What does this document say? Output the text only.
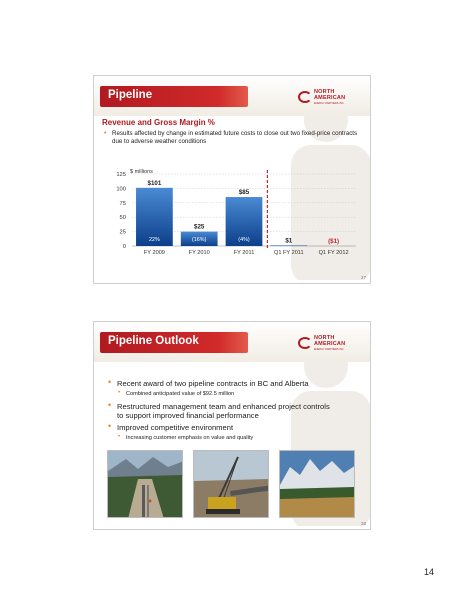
Pipeline	NORTH
AMERICAN
ENERGY PARTNERS INC.
Revenue and Gross Margin %
• Results affected by change in estimated future costs to close out two fixed-price contracts due to adverse weather conditions
0
25
50
75
100
125 $ millions
$101
22%
FY 2009
$25
(16%)
FY 2010
$85
(4%)
FY 2011
$1
Q1 FY 2011
($1)
Q1 FY 2012
27
Pipeline Outlook	NORTH
AMERICAN
ENERGY PARTNERS INC.
• Recent award of two pipeline contracts in BC and Alberta
• Combined anticipated value of $92.5 million
• Restructured management team and enhanced project controls
to support improved financial performance
• Improved competitive environment
• Increasing customer emphasis on value and quality
28
14
